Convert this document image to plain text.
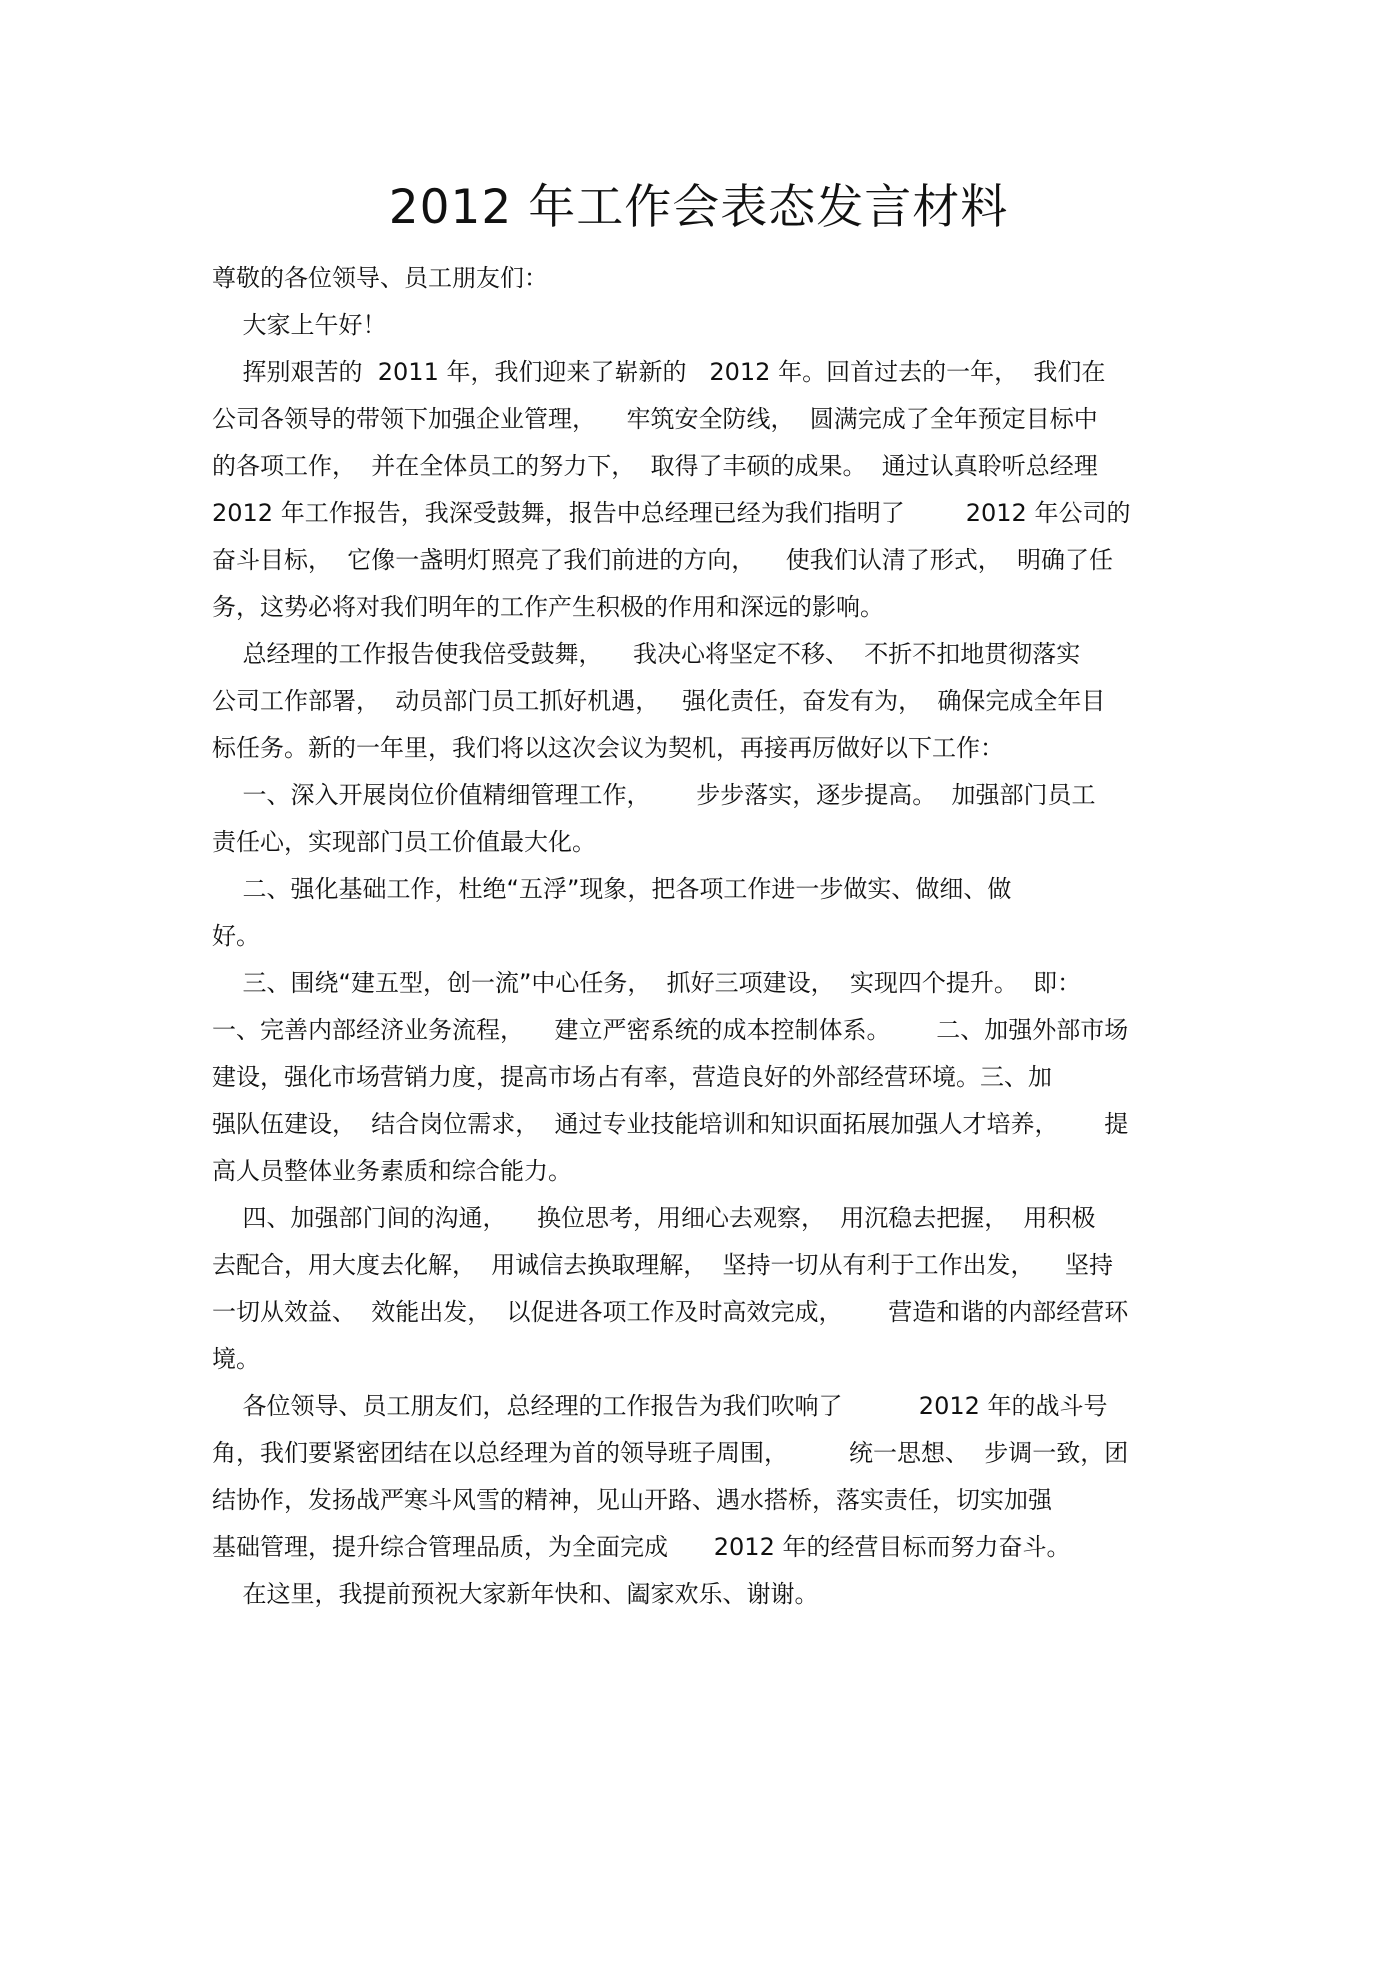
2012 年工作会表态发言材料

尊敬的各位领导、员工朋友们：

大家上午好！

挥别艰苦的  2011 年，我们迎来了崭新的   2012 年。回首过去的一年，  我们在

公司各领导的带领下加强企业管理，    牢筑安全防线，  圆满完成了全年预定目标中

的各项工作，  并在全体员工的努力下，  取得了丰硕的成果。  通过认真聆听总经理

2012 年工作报告，我深受鼓舞，报告中总经理已经为我们指明了        2012 年公司的

奋斗目标，  它像一盏明灯照亮了我们前进的方向，    使我们认清了形式，  明确了任

务，这势必将对我们明年的工作产生积极的作用和深远的影响。

总经理的工作报告使我倍受鼓舞，    我决心将坚定不移、  不折不扣地贯彻落实

公司工作部署，  动员部门员工抓好机遇，   强化责任，奋发有为，  确保完成全年目

标任务。新的一年里，我们将以这次会议为契机，再接再厉做好以下工作：

一、深入开展岗位价值精细管理工作，      步步落实，逐步提高。  加强部门员工

责任心，实现部门员工价值最大化。

二、强化基础工作，杜绝“五浮”现象，把各项工作进一步做实、做细、做

好。

三、围绕“建五型，创一流”中心任务，  抓好三项建设，  实现四个提升。  即：

一、完善内部经济业务流程，    建立严密系统的成本控制体系。      二、加强外部市场

建设，强化市场营销力度，提高市场占有率，营造良好的外部经营环境。三、加

强队伍建设，  结合岗位需求，  通过专业技能培训和知识面拓展加强人才培养，      提

高人员整体业务素质和综合能力。

四、加强部门间的沟通，    换位思考，用细心去观察，  用沉稳去把握，  用积极

去配合，用大度去化解，  用诚信去换取理解，  坚持一切从有利于工作出发，    坚持

一切从效益、  效能出发，  以促进各项工作及时高效完成，      营造和谐的内部经营环

境。

各位领导、员工朋友们，总经理的工作报告为我们吹响了          2012 年的战斗号

角，我们要紧密团结在以总经理为首的领导班子周围，        统一思想、  步调一致，团

结协作，发扬战严寒斗风雪的精神，见山开路、遇水搭桥，落实责任，切实加强

基础管理，提升综合管理品质，为全面完成      2012 年的经营目标而努力奋斗。

在这里，我提前预祝大家新年快和、阖家欢乐、谢谢。
